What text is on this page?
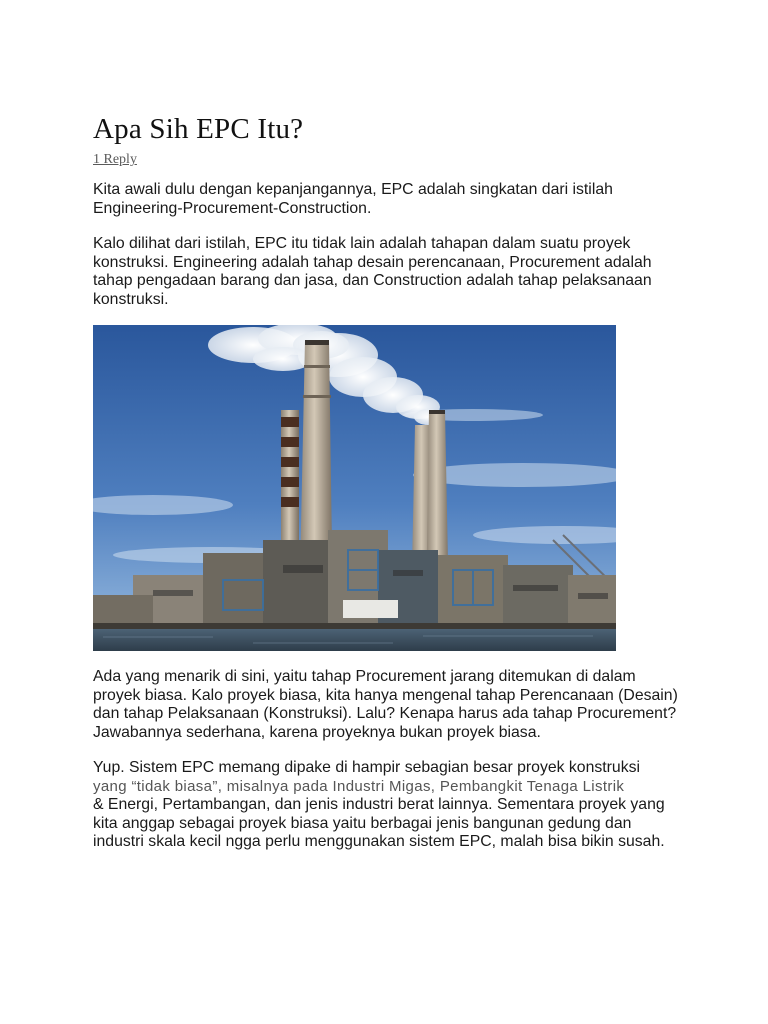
Apa Sih EPC Itu?
1 Reply

Kita awali dulu dengan kepanjangannya, EPC adalah singkatan dari istilah Engineering-Procurement-Construction.

Kalo dilihat dari istilah, EPC itu tidak lain adalah tahapan dalam suatu proyek konstruksi. Engineering adalah tahap desain perencanaan, Procurement adalah tahap pengadaan barang dan jasa, dan Construction adalah tahap pelaksanaan konstruksi.

Ada yang menarik di sini, yaitu tahap Procurement jarang ditemukan di dalam proyek biasa. Kalo proyek biasa, kita hanya mengenal tahap Perencanaan (Desain) dan tahap Pelaksanaan (Konstruksi). Lalu? Kenapa harus ada tahap Procurement? Jawabannya sederhana, karena proyeknya bukan proyek biasa.

Yup. Sistem EPC memang dipake di hampir sebagian besar proyek konstruksi
yang “tidak biasa”, misalnya pada Industri Migas, Pembangkit Tenaga Listrik
& Energi, Pertambangan, dan jenis industri berat lainnya. Sementara proyek yang kita anggap sebagai proyek biasa yaitu berbagai jenis bangunan gedung dan industri skala kecil ngga perlu menggunakan sistem EPC, malah bisa bikin susah.
